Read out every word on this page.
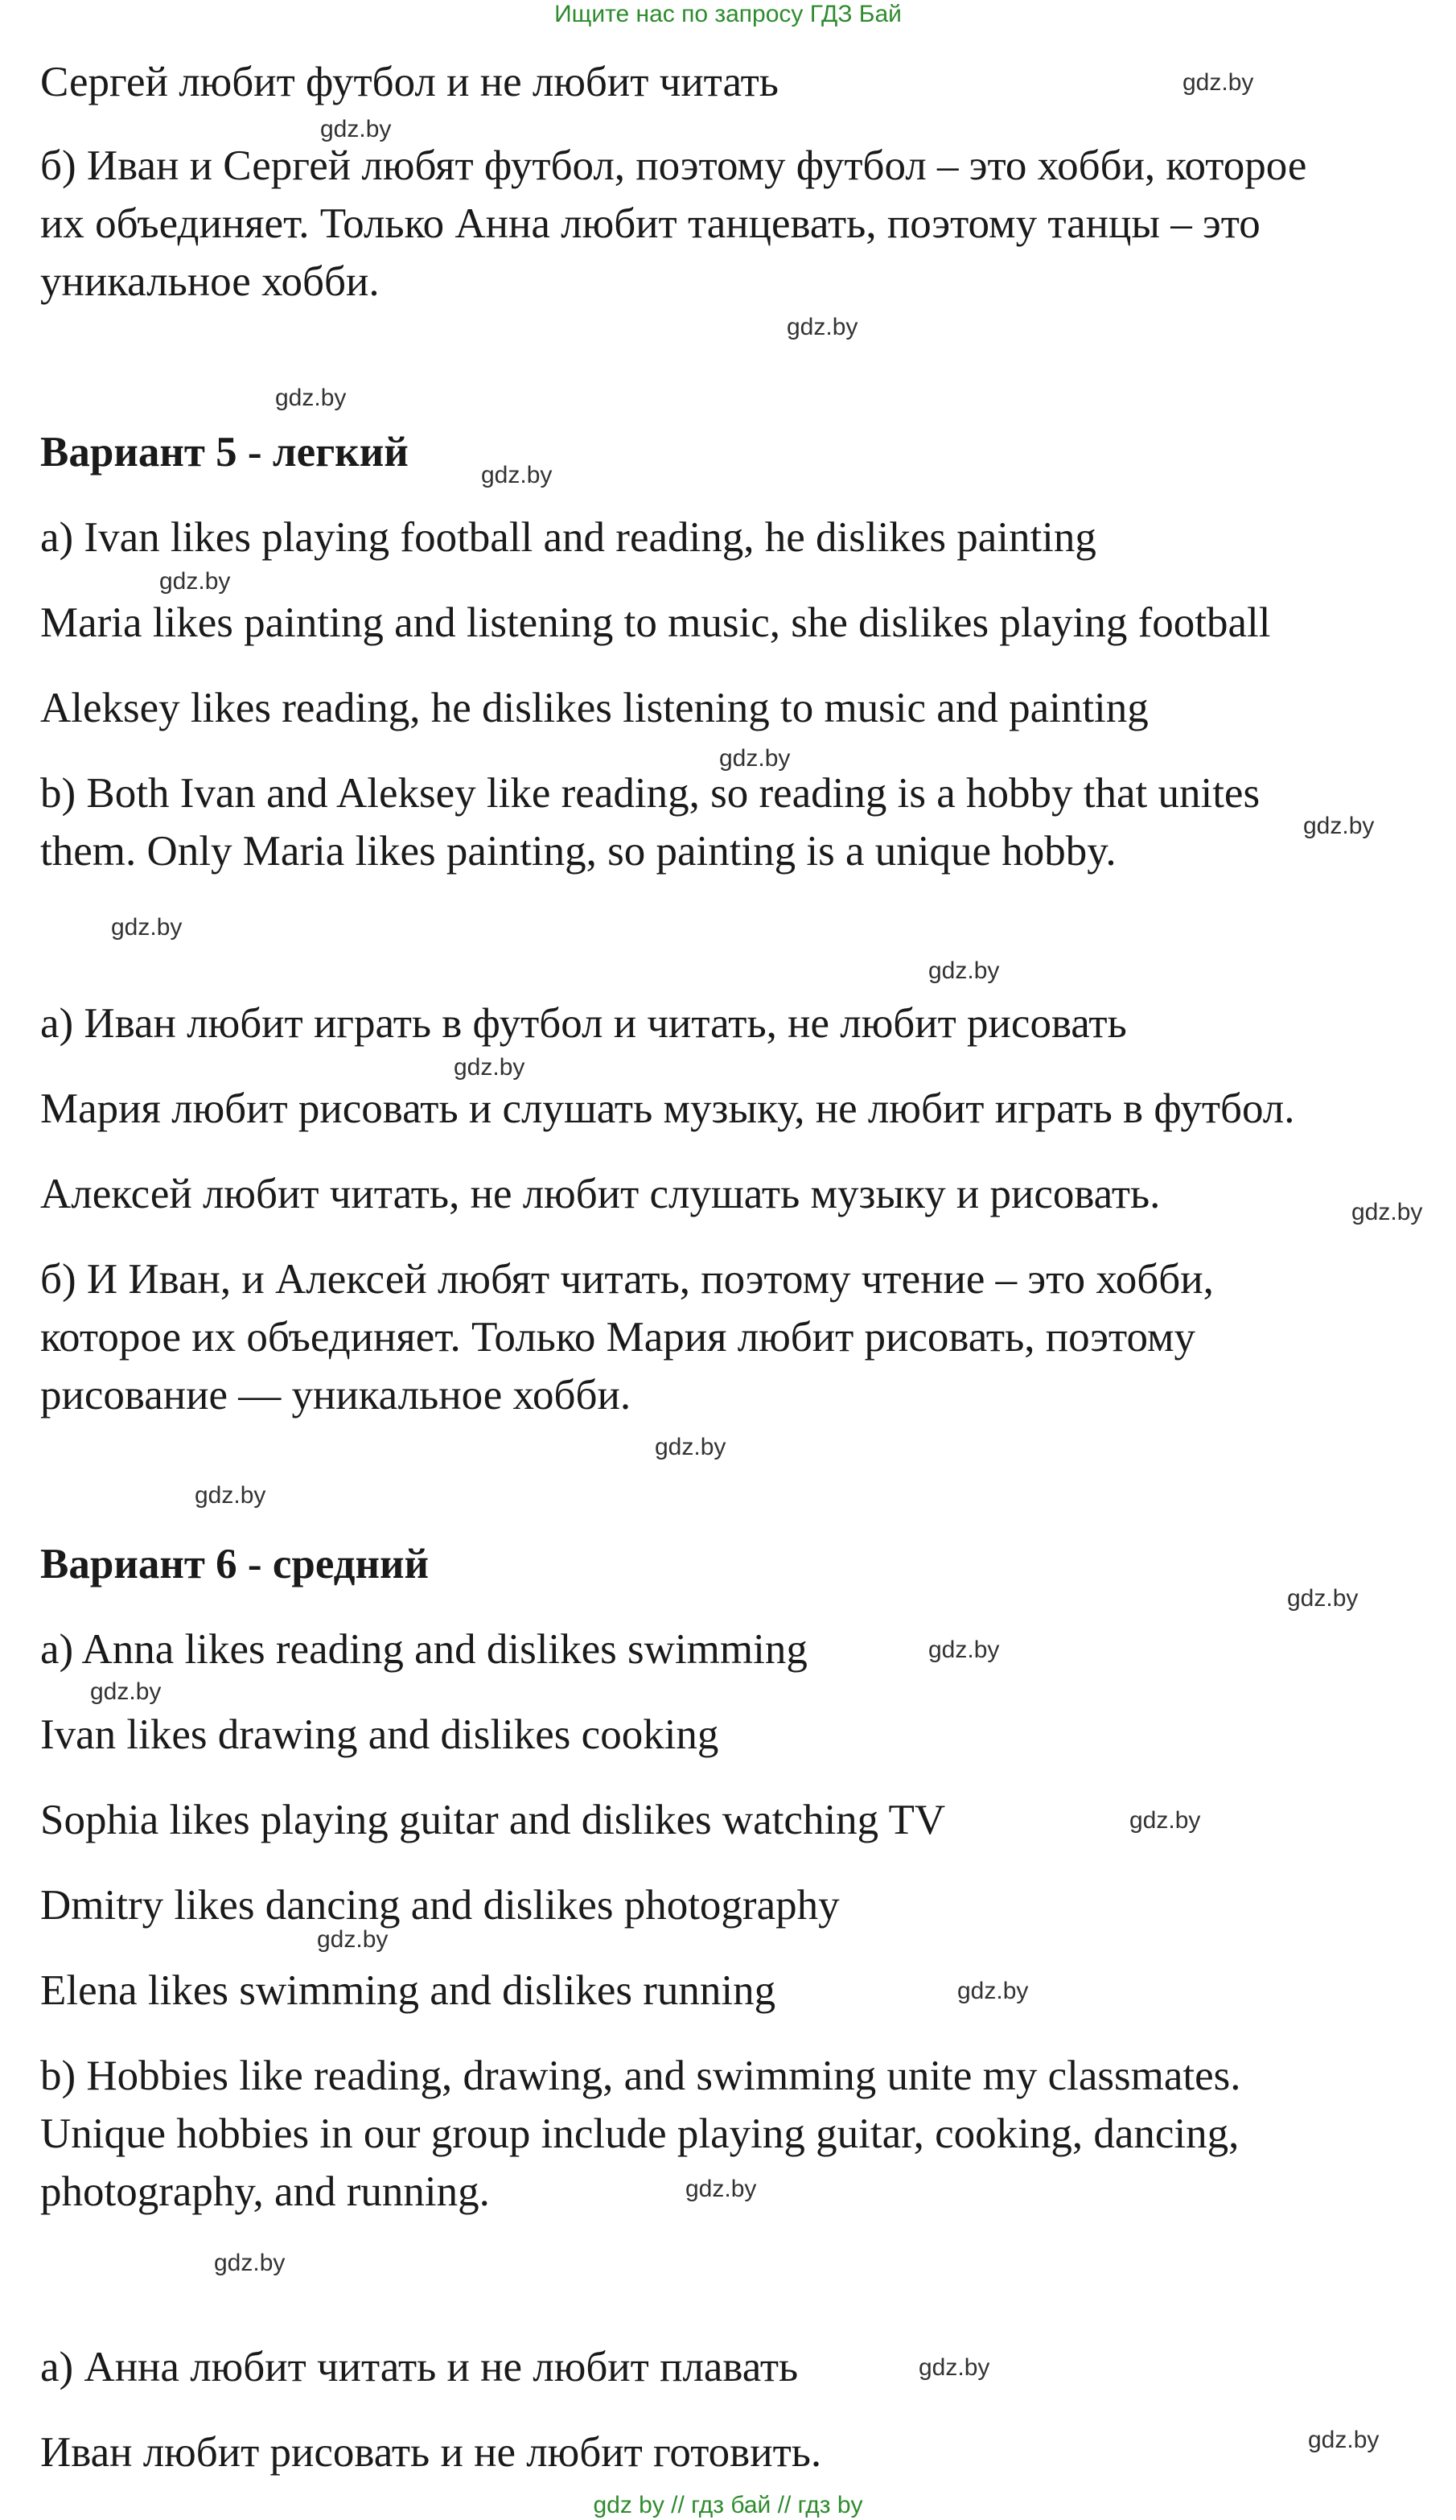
Ищите нас по запросу ГДЗ Бай
Сергей любит футбол и не любит читать
б) Иван и Сергей любят футбол, поэтому футбол – это хобби, которое
их объединяет. Только Анна любит танцевать, поэтому танцы – это
уникальное хобби.
Вариант 5 - легкий
a) Ivan likes playing football and reading, he dislikes painting
Maria likes painting and listening to music, she dislikes playing football
Aleksey likes reading, he dislikes listening to music and painting
b) Both Ivan and Aleksey like reading, so reading is a hobby that unites
them. Only Maria likes painting, so painting is a unique hobby.
а) Иван любит играть в футбол и читать, не любит рисовать
Мария любит рисовать и слушать музыку, не любит играть в футбол.
Алексей любит читать, не любит слушать музыку и рисовать.
б) И Иван, и Алексей любят читать, поэтому чтение – это хобби,
которое их объединяет. Только Мария любит рисовать, поэтому
рисование — уникальное хобби.
Вариант 6 - средний
a) Anna likes reading and dislikes swimming
Ivan likes drawing and dislikes cooking
Sophia likes playing guitar and dislikes watching TV
Dmitry likes dancing and dislikes photography
Elena likes swimming and dislikes running
b) Hobbies like reading, drawing, and swimming unite my classmates.
Unique hobbies in our group include playing guitar, cooking, dancing,
photography, and running.
а) Анна любит читать и не любит плавать
Иван любит рисовать и не любит готовить.
gdz.by
gdz.by
gdz.by
gdz.by
gdz.by
gdz.by
gdz.by
gdz.by
gdz.by
gdz.by
gdz.by
gdz.by
gdz.by
gdz.by
gdz.by
gdz.by
gdz.by
gdz.by
gdz.by
gdz.by
gdz.by
gdz.by
gdz.by
gdz.by
gdz by // гдз бай // гдз by
